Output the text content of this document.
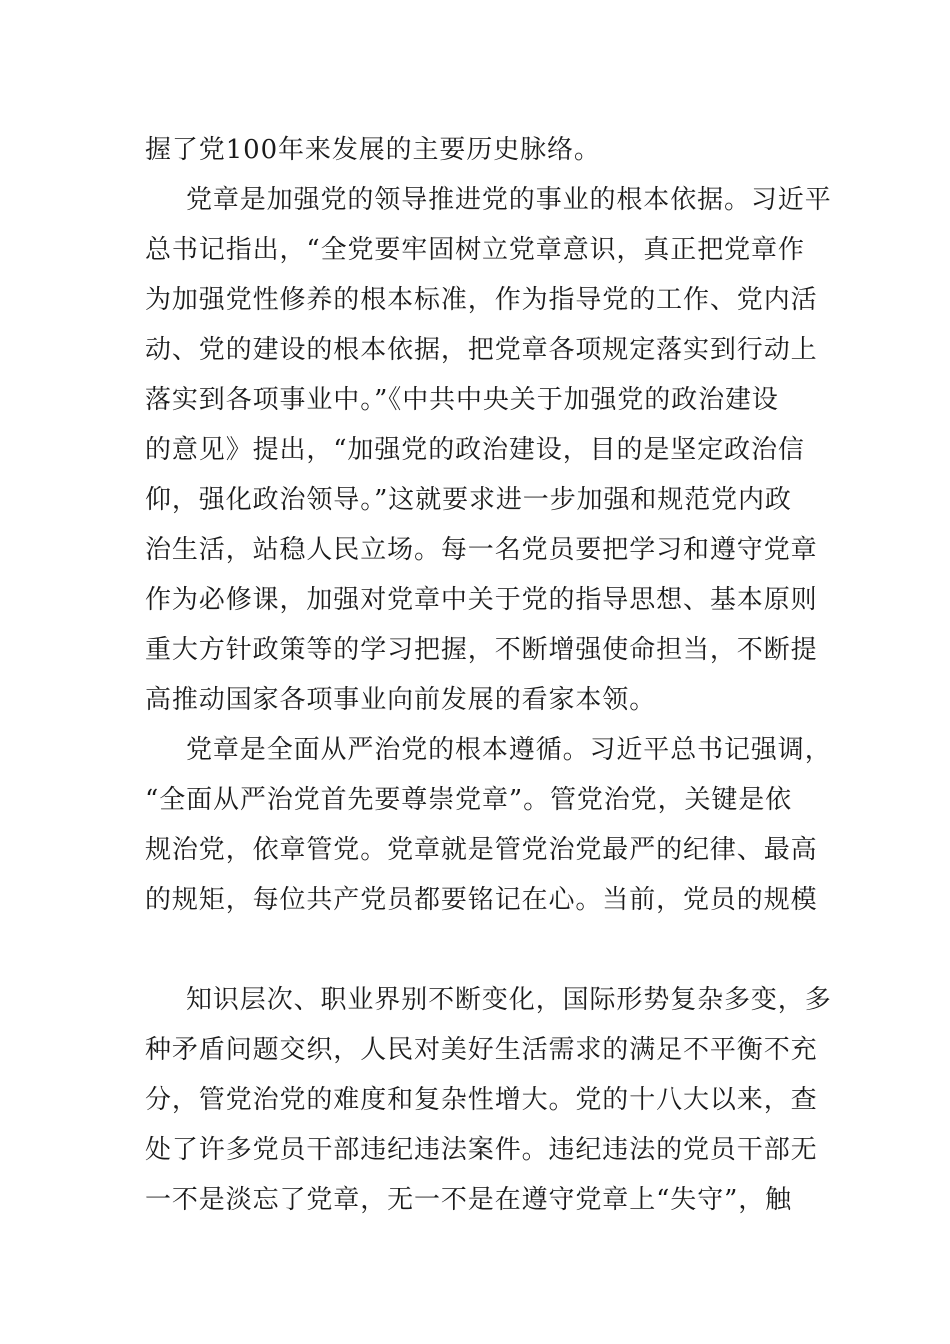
握了党100年来发展的主要历史脉络。
党章是加强党的领导推进党的事业的根本依据。习近平
总书记指出，“全党要牢固树立党章意识，真正把党章作
为加强党性修养的根本标准，作为指导党的工作、党内活
动、党的建设的根本依据，把党章各项规定落实到行动上
落实到各项事业中。”《中共中央关于加强党的政治建设
的意见》提出，“加强党的政治建设，目的是坚定政治信
仰，强化政治领导。”这就要求进一步加强和规范党内政
治生活，站稳人民立场。每一名党员要把学习和遵守党章
作为必修课，加强对党章中关于党的指导思想、基本原则
重大方针政策等的学习把握，不断增强使命担当，不断提
高推动国家各项事业向前发展的看家本领。
党章是全面从严治党的根本遵循。习近平总书记强调，
“全面从严治党首先要尊崇党章”。管党治党，关键是依
规治党，依章管党。党章就是管党治党最严的纪律、最高
的规矩，每位共产党员都要铭记在心。当前，党员的规模
知识层次、职业界别不断变化，国际形势复杂多变，多
种矛盾问题交织，人民对美好生活需求的满足不平衡不充
分，管党治党的难度和复杂性增大。党的十八大以来，查
处了许多党员干部违纪违法案件。违纪违法的党员干部无
一不是淡忘了党章，无一不是在遵守党章上“失守”，触
